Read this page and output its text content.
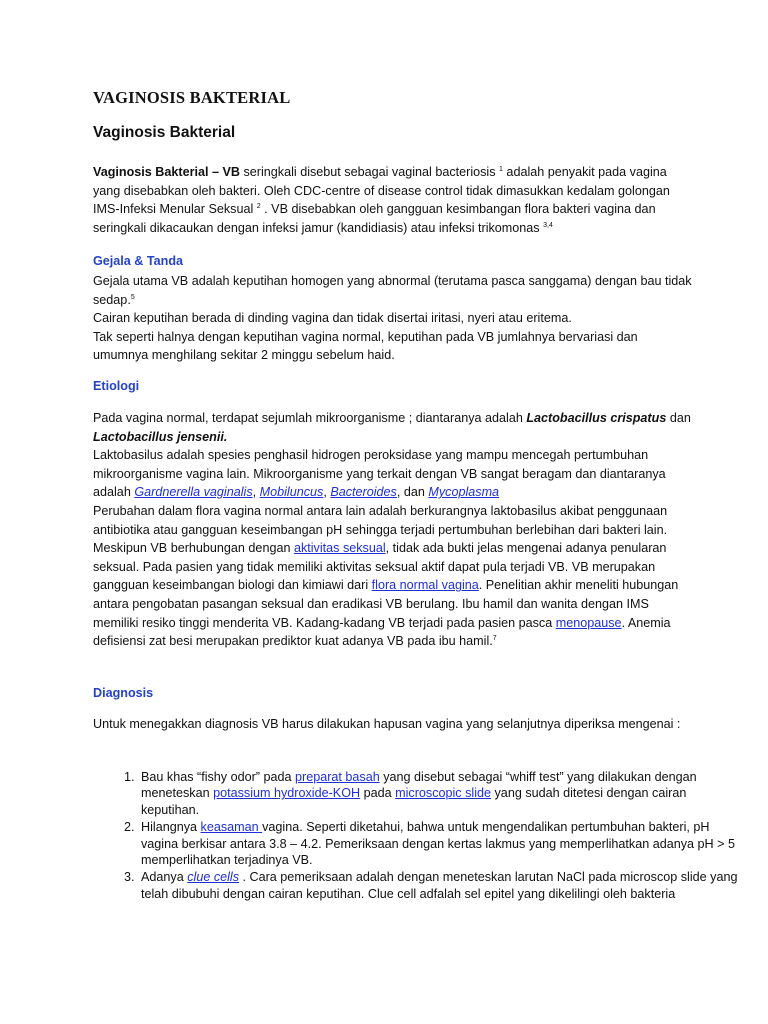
VAGINOSIS BAKTERIAL
Vaginosis Bakterial
Vaginosis Bakterial – VB seringkali disebut sebagai vaginal bacteriosis $^1$ adalah penyakit pada vagina yang disebabkan oleh bakteri. Oleh CDC-centre of disease control tidak dimasukkan kedalam golongan IMS-Infeksi Menular Seksual $^2$ . VB disebabkan oleh gangguan kesimbangan flora bakteri vagina dan seringkali dikacaukan dengan infeksi jamur (kandidiasis) atau infeksi trikomonas $^{3,4}$
Gejala & Tanda
Gejala utama VB adalah keputihan homogen yang abnormal (terutama pasca sanggama) dengan bau tidak sedap.$^5$
Cairan keputihan berada di dinding vagina dan tidak disertai iritasi, nyeri atau eritema.
Tak seperti halnya dengan keputihan vagina normal, keputihan pada VB jumlahnya bervariasi dan umumnya menghilang sekitar 2 minggu sebelum haid.
Etiologi
Pada vagina normal, terdapat sejumlah mikroorganisme ; diantaranya adalah Lactobacillus crispatus dan Lactobacillus jensenii.
Laktobasilus adalah spesies penghasil hidrogen peroksidase yang mampu mencegah pertumbuhan mikroorganisme vagina lain. Mikroorganisme yang terkait dengan VB sangat beragam dan diantaranya adalah Gardnerella vaginalis, Mobiluncus, Bacteroides, dan Mycoplasma
Perubahan dalam flora vagina normal antara lain adalah berkurangnya laktobasilus akibat penggunaan antibiotika atau gangguan keseimbangan pH sehingga terjadi pertumbuhan berlebihan dari bakteri lain.
Meskipun VB berhubungan dengan aktivitas seksual, tidak ada bukti jelas mengenai adanya penularan seksual. Pada pasien yang tidak memiliki aktivitas seksual aktif dapat pula terjadi VB. VB merupakan gangguan keseimbangan biologi dan kimiawi dari flora normal vagina. Penelitian akhir meneliti hubungan antara pengobatan pasangan seksual dan eradikasi VB berulang. Ibu hamil dan wanita dengan IMS memiliki resiko tinggi menderita VB. Kadang-kadang VB terjadi pada pasien pasca menopause. Anemia defisiensi zat besi merupakan prediktor kuat adanya VB pada ibu hamil.$^7$
Diagnosis
Untuk menegakkan diagnosis VB harus dilakukan hapusan vagina yang selanjutnya diperiksa mengenai :
1. Bau khas “fishy odor” pada preparat basah yang disebut sebagai “whiff test” yang dilakukan dengan meneteskan potassium hydroxide-KOH pada microscopic slide yang sudah ditetesi dengan cairan keputihan.
2. Hilangnya keasaman vagina. Seperti diketahui, bahwa untuk mengendalikan pertumbuhan bakteri, pH vagina berkisar antara 3.8 – 4.2. Pemeriksaan dengan kertas lakmus yang memperlihatkan adanya pH > 5 memperlihatkan terjadinya VB.
3. Adanya clue cells . Cara pemeriksaan adalah dengan meneteskan larutan NaCl pada microscop slide yang telah dibubuhi dengan cairan keputihan. Clue cell adfalah sel epitel yang dikelilingi oleh bakteria
